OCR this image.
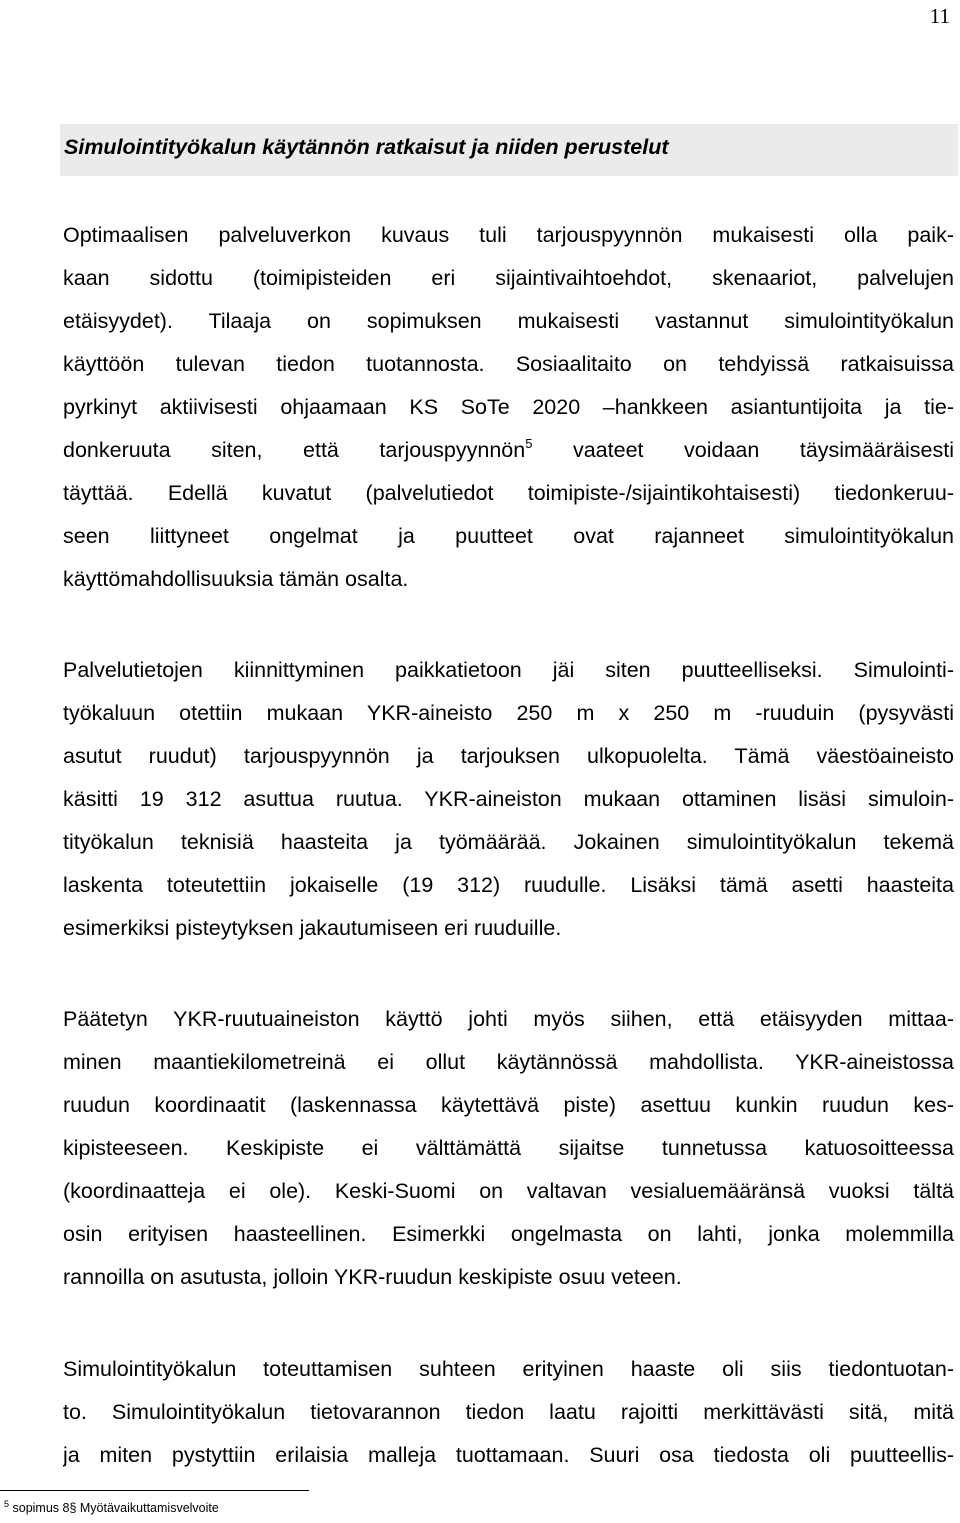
11
Simulointityökalun käytännön ratkaisut ja niiden perustelut
Optimaalisen palveluverkon kuvaus tuli tarjouspyynnön mukaisesti olla paik-
kaan sidottu (toimipisteiden eri sijaintivaihtoehdot, skenaariot, palvelujen
etäisyydet). Tilaaja on sopimuksen mukaisesti vastannut simulointityökalun
käyttöön tulevan tiedon tuotannosta. Sosiaalitaito on tehdyissä ratkaisuissa
pyrkinyt aktiivisesti ohjaamaan KS SoTe 2020 –hankkeen asiantuntijoita ja tie-
donkeruuta siten, että tarjouspyynnön$^5$ vaateet voidaan täysimääräisesti
täyttää. Edellä kuvatut (palvelutiedot toimipiste-/sijaintikohtaisesti) tiedonkeruu-
seen liittyneet ongelmat ja puutteet ovat rajanneet simulointityökalun
käyttömahdollisuuksia tämän osalta.
Palvelutietojen kiinnittyminen paikkatietoon jäi siten puutteelliseksi. Simulointi-
työkaluun otettiin mukaan YKR-aineisto 250 m x 250 m -ruuduin (pysyvästi
asutut ruudut) tarjouspyynnön ja tarjouksen ulkopuolelta. Tämä väestöaineisto
käsitti 19 312 asuttua ruutua. YKR-aineiston mukaan ottaminen lisäsi simuloin-
tityökalun teknisiä haasteita ja työmäärää. Jokainen simulointityökalun tekemä
laskenta toteutettiin jokaiselle (19 312) ruudulle. Lisäksi tämä asetti haasteita
esimerkiksi pisteytyksen jakautumiseen eri ruuduille.
Päätetyn YKR-ruutuaineiston käyttö johti myös siihen, että etäisyyden mittaa-
minen maantiekilometreinä ei ollut käytännössä mahdollista. YKR-aineistossa
ruudun koordinaatit (laskennassa käytettävä piste) asettuu kunkin ruudun kes-
kipisteeseen. Keskipiste ei välttämättä sijaitse tunnetussa katuosoitteessa
(koordinaatteja ei ole). Keski-Suomi on valtavan vesialuemääränsä vuoksi tältä
osin erityisen haasteellinen. Esimerkki ongelmasta on lahti, jonka molemmilla
rannoilla on asutusta, jolloin YKR-ruudun keskipiste osuu veteen.
Simulointityökalun toteuttamisen suhteen erityinen haaste oli siis tiedontuotan-
to. Simulointityökalun tietovarannon tiedon laatu rajoitti merkittävästi sitä, mitä
ja miten pystyttiin erilaisia malleja tuottamaan. Suuri osa tiedosta oli puutteellis-
$^5$ sopimus 8§ Myötävaikuttamisvelvoite
